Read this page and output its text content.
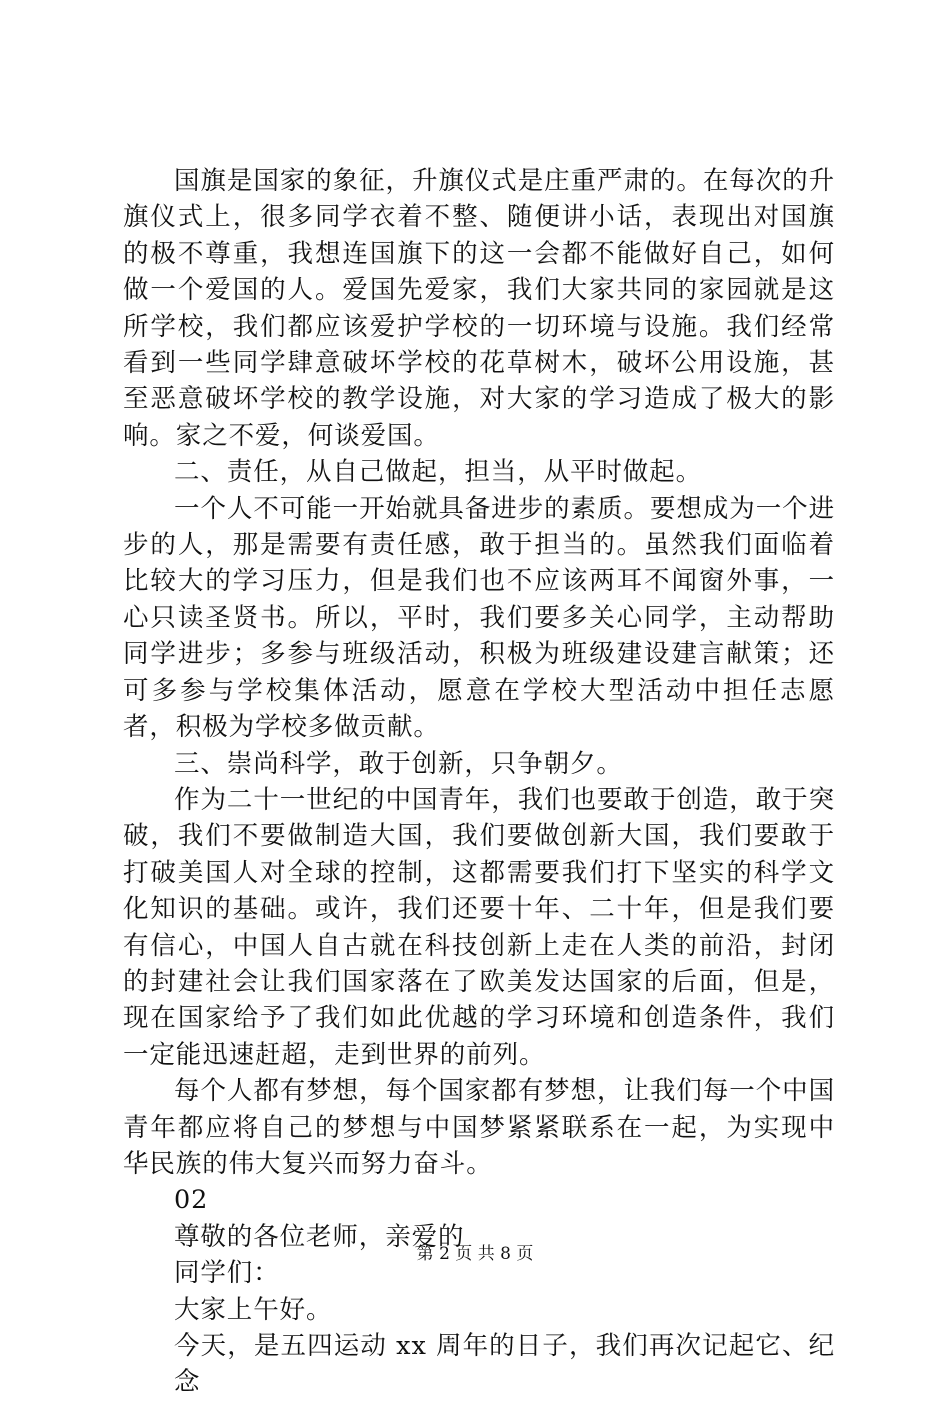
国旗是国家的象征，升旗仪式是庄重严肃的。在每次的升旗仪式上，很多同学衣着不整、随便讲小话，表现出对国旗的极不尊重，我想连国旗下的这一会都不能做好自己，如何做一个爱国的人。爱国先爱家，我们大家共同的家园就是这所学校，我们都应该爱护学校的一切环境与设施。我们经常看到一些同学肆意破坏学校的花草树木，破坏公用设施，甚至恶意破坏学校的教学设施，对大家的学习造成了极大的影响。家之不爱，何谈爱国。

二、责任，从自己做起，担当，从平时做起。

一个人不可能一开始就具备进步的素质。要想成为一个进步的人，那是需要有责任感，敢于担当的。虽然我们面临着比较大的学习压力，但是我们也不应该两耳不闻窗外事，一心只读圣贤书。所以，平时，我们要多关心同学，主动帮助同学进步；多参与班级活动，积极为班级建设建言献策；还可多参与学校集体活动，愿意在学校大型活动中担任志愿者，积极为学校多做贡献。

三、崇尚科学，敢于创新，只争朝夕。

作为二十一世纪的中国青年，我们也要敢于创造，敢于突破，我们不要做制造大国，我们要做创新大国，我们要敢于打破美国人对全球的控制，这都需要我们打下坚实的科学文化知识的基础。或许，我们还要十年、二十年，但是我们要有信心，中国人自古就在科技创新上走在人类的前沿，封闭的封建社会让我们国家落在了欧美发达国家的后面，但是，现在国家给予了我们如此优越的学习环境和创造条件，我们一定能迅速赶超，走到世界的前列。

每个人都有梦想，每个国家都有梦想，让我们每一个中国青年都应将自己的梦想与中国梦紧紧联系在一起，为实现中华民族的伟大复兴而努力奋斗。

02

尊敬的各位老师，亲爱的

同学们：

大家上午好。

今天，是五四运动 xx 周年的日子，我们再次记起它、纪念

第 2 页 共 8 页
